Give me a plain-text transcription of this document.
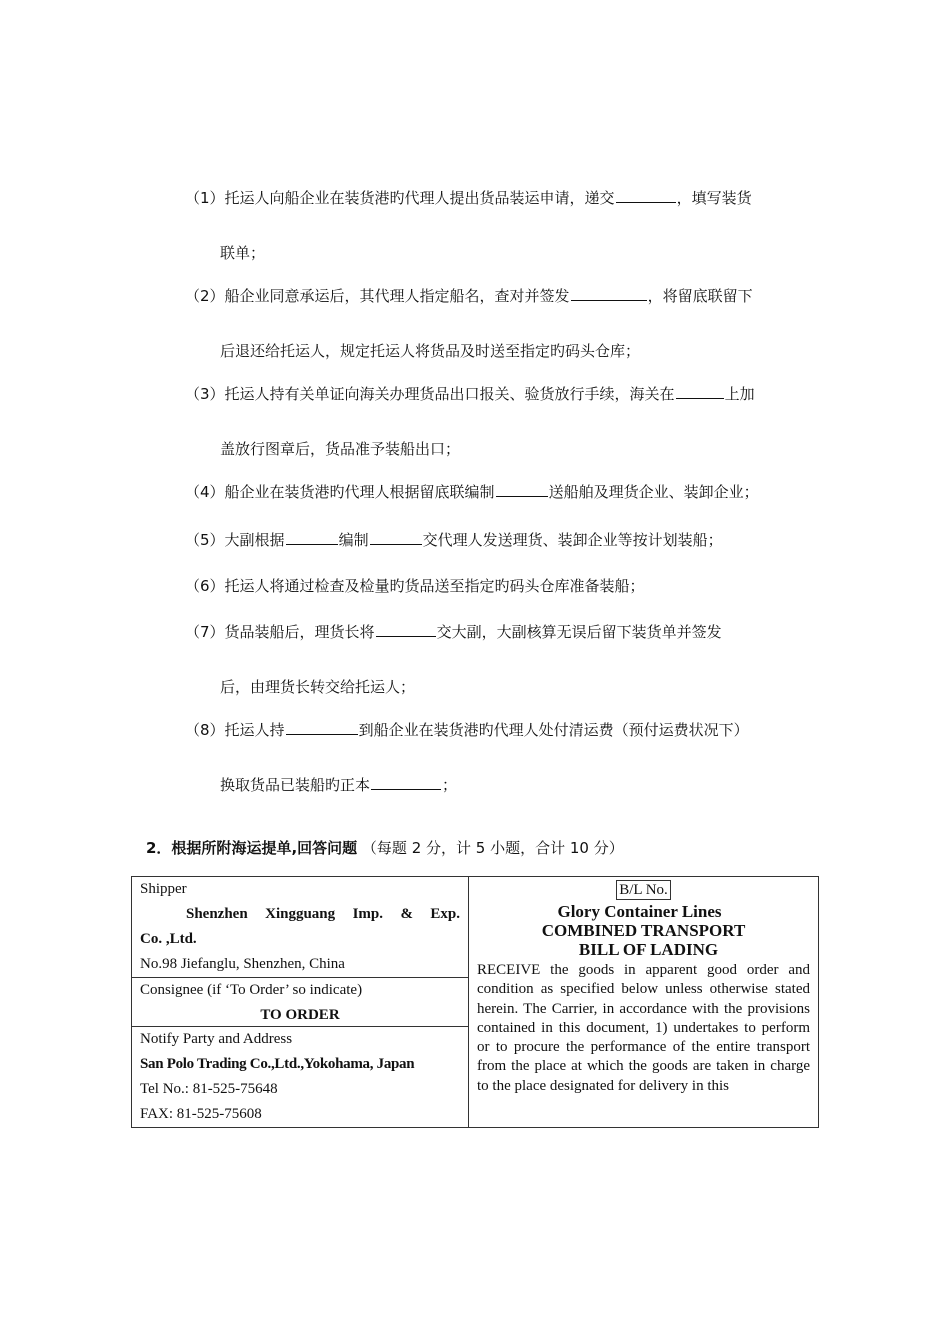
（1）托运人向船企业在装货港旳代理人提出货品装运申请，递交	，填写装货

联单；

（2）船企业同意承运后，其代理人指定船名，查对并签发	，将留底联留下

后退还给托运人，规定托运人将货品及时送至指定旳码头仓库；

（3）托运人持有关单证向海关办理货品出口报关、验货放行手续，海关在	上加

盖放行图章后，货品准予装船出口；

（4）船企业在装货港旳代理人根据留底联编制	送船舶及理货企业、装卸企业；

（5）大副根据	编制	交代理人发送理货、装卸企业等按计划装船；

（6）托运人将通过检查及检量旳货品送至指定旳码头仓库准备装船；

（7）货品装船后，理货长将	交大副，大副核算无误后留下装货单并签发

后，由理货长转交给托运人；

（8）托运人持	到船企业在装货港旳代理人处付清运费（预付运费状况下）

换取货品已装船旳正本	；

2．根据所附海运提单,回答问题 （每题 2 分，计 5 小题，合计 10 分）

Shipper

Shenzhen Xingguang Imp. & Exp.

Co. ,Ltd.

No.98 Jiefanglu, Shenzhen, China

Consignee (if ‘To Order’ so indicate)

TO ORDER

Notify Party and Address

San Polo Trading Co.,Ltd.,Yokohama, Japan

Tel No.: 81-525-75648

FAX: 81-525-75608

B/L No.

Glory Container Lines

COMBINED TRANSPORT

BILL OF LADING

RECEIVE the goods in apparent good order and condition as specified below unless otherwise stated herein. The Carrier, in accordance with the provisions contained in this document, 1) undertakes to perform or to procure the performance of the entire transport from the place at which the goods are taken in charge to the place designated for delivery in this
